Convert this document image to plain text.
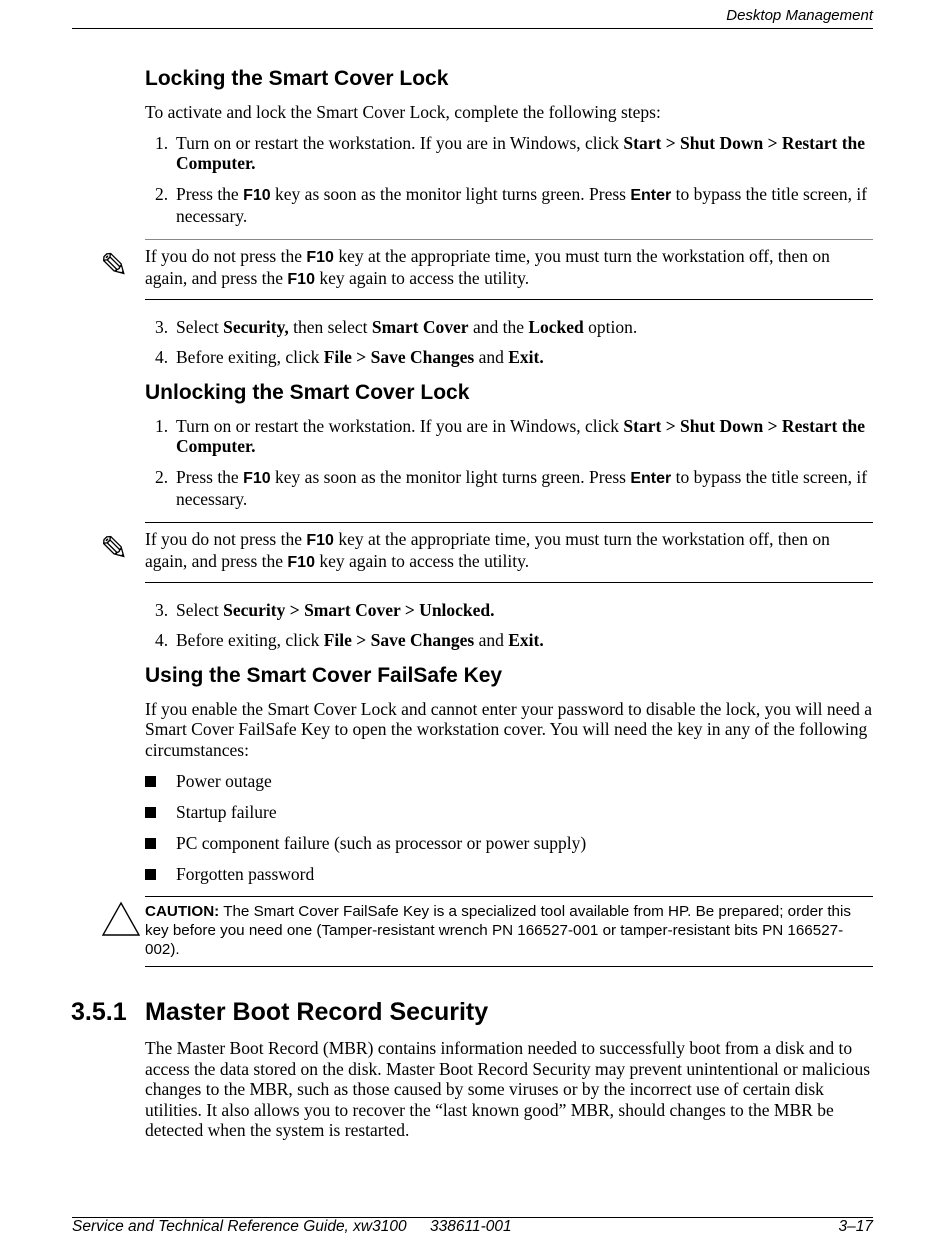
Desktop Management
Locking the Smart Cover Lock

To activate and lock the Smart Cover Lock, complete the following steps:

1. Turn on or restart the workstation. If you are in Windows, click Start > Shut Down > Restart the Computer.
2. Press the F10 key as soon as the monitor light turns green. Press Enter to bypass the title screen, if necessary.
✎ If you do not press the F10 key at the appropriate time, you must turn the workstation off, then on again, and press the F10 key again to access the utility.
3. Select Security, then select Smart Cover and the Locked option.
4. Before exiting, click File > Save Changes and Exit.
Unlocking the Smart Cover Lock
1. Turn on or restart the workstation. If you are in Windows, click Start > Shut Down > Restart the Computer.
2. Press the F10 key as soon as the monitor light turns green. Press Enter to bypass the title screen, if necessary.
✎ If you do not press the F10 key at the appropriate time, you must turn the workstation off, then on again, and press the F10 key again to access the utility.
3. Select Security > Smart Cover > Unlocked.
4. Before exiting, click File > Save Changes and Exit.
Using the Smart Cover FailSafe Key

If you enable the Smart Cover Lock and cannot enter your password to disable the lock, you will need a Smart Cover FailSafe Key to open the workstation cover. You will need the key in any of the following circumstances:

Power outage
Startup failure
PC component failure (such as processor or power supply)
Forgotten password
CAUTION: The Smart Cover FailSafe Key is a specialized tool available from HP. Be prepared; order this key before you need one (Tamper-resistant wrench PN 166527-001 or tamper-resistant bits PN 166527-002).
3.5.1 Master Boot Record Security

The Master Boot Record (MBR) contains information needed to successfully boot from a disk and to access the data stored on the disk. Master Boot Record Security may prevent unintentional or malicious changes to the MBR, such as those caused by some viruses or by the incorrect use of certain disk utilities. It also allows you to recover the “last known good” MBR, should changes to the MBR be detected when the system is restarted.

Service and Technical Reference Guide, xw3100 338611-001	3–17
